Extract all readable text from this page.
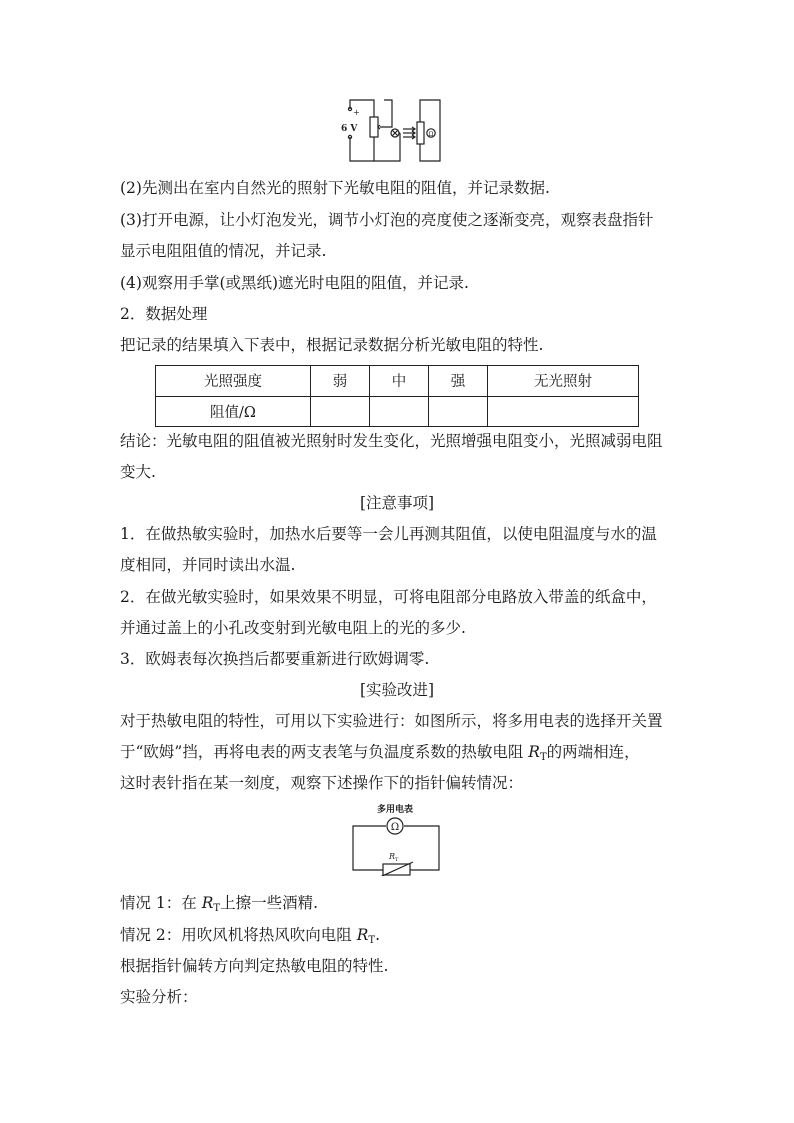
Ω
6 V
+
(2)先测出在室内自然光的照射下光敏电阻的阻值，并记录数据.
(3)打开电源，让小灯泡发光，调节小灯泡的亮度使之逐渐变亮，观察表盘指针
显示电阻阻值的情况，并记录.
(4)观察用手掌(或黑纸)遮光时电阻的阻值，并记录.
2．数据处理
把记录的结果填入下表中，根据记录数据分析光敏电阻的特性.
光照强度	弱	中	强	无光照射
阻值/Ω				
结论：光敏电阻的阻值被光照射时发生变化，光照增强电阻变小，光照减弱电阻
变大.
[注意事项]
1．在做热敏实验时，加热水后要等一会儿再测其阻值，以使电阻温度与水的温
度相同，并同时读出水温.
2．在做光敏实验时，如果效果不明显，可将电阻部分电路放入带盖的纸盒中，
并通过盖上的小孔改变射到光敏电阻上的光的多少.
3．欧姆表每次换挡后都要重新进行欧姆调零.
[实验改进]
对于热敏电阻的特性，可用以下实验进行：如图所示，将多用电表的选择开关置
于“欧姆”挡，再将电表的两支表笔与负温度系数的热敏电阻 $R_T$的两端相连，
这时表针指在某一刻度，观察下述操作下的指针偏转情况：
多用电表
Ω
$R_T$
情况 1：在 $R_T$上擦一些酒精.
情况 2：用吹风机将热风吹向电阻 $R_T$.
根据指针偏转方向判定热敏电阻的特性.
实验分析：
